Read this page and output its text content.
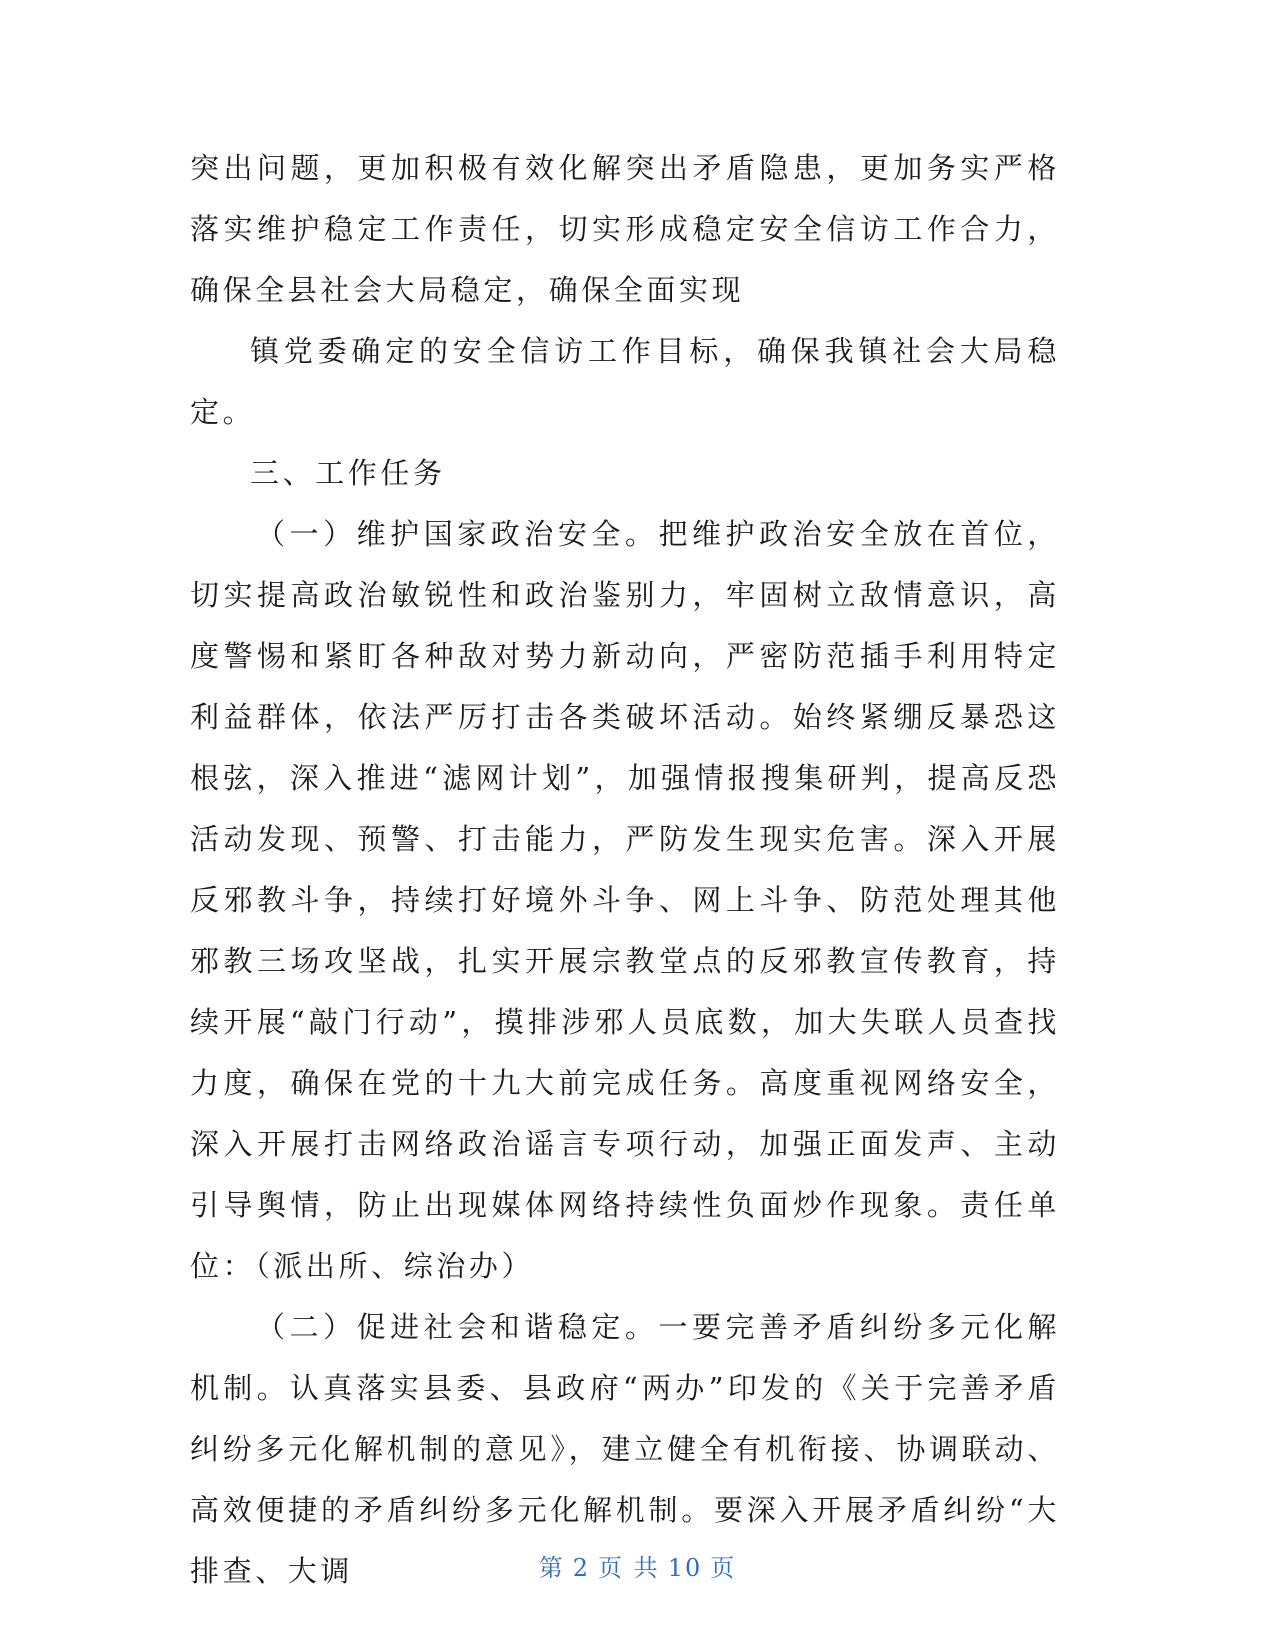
突出问题，更加积极有效化解突出矛盾隐患，更加务实严格落实维护稳定工作责任，切实形成稳定安全信访工作合力，确保全县社会大局稳定，确保全面实现

镇党委确定的安全信访工作目标，确保我镇社会大局稳定。

三、工作任务

（一）维护国家政治安全。把维护政治安全放在首位，切实提高政治敏锐性和政治鉴别力，牢固树立敌情意识，高度警惕和紧盯各种敌对势力新动向，严密防范插手利用特定利益群体，依法严厉打击各类破坏活动。始终紧绷反暴恐这根弦，深入推进“滤网计划”，加强情报搜集研判，提高反恐活动发现、预警、打击能力，严防发生现实危害。深入开展反邪教斗争，持续打好境外斗争、网上斗争、防范处理其他邪教三场攻坚战，扎实开展宗教堂点的反邪教宣传教育，持续开展“敲门行动”，摸排涉邪人员底数，加大失联人员查找力度，确保在党的十九大前完成任务。高度重视网络安全，深入开展打击网络政治谣言专项行动，加强正面发声、主动引导舆情，防止出现媒体网络持续性负面炒作现象。责任单位：（派出所、综治办）

（二）促进社会和谐稳定。一要完善矛盾纠纷多元化解机制。认真落实县委、县政府“两办”印发的《关于完善矛盾纠纷多元化解机制的意见》，建立健全有机衔接、协调联动、高效便捷的矛盾纠纷多元化解机制。要深入开展矛盾纠纷“大排查、大调	第 2 页 共 10 页
